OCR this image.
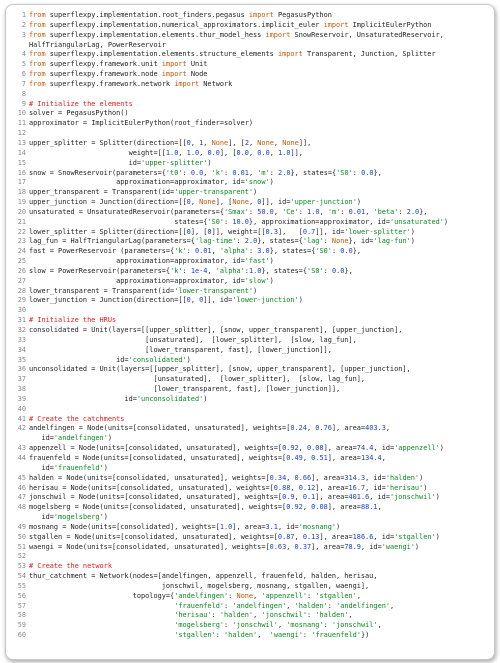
1 from superflexpy.implementation.root_finders.pegasus import PegasusPython
2 from superflexpy.implementation.numerical_approximators.implicit_euler import ImplicitEulerPython
3 from superflexpy.implementation.elements.thur_model_hess import SnowReservoir, UnsaturatedReservoir,
HalfTriangularLag, PowerReservoir
4 from superflexpy.implementation.elements.structure_elements import Transparent, Junction, Splitter
5 from superflexpy.framework.unit import Unit
6 from superflexpy.framework.node import Node
7 from superflexpy.framework.network import Network
8
9 # Initialize the elements
10 solver = PegasusPython()
11 approximator = ImplicitEulerPython(root_finder=solver)
12
13 upper_splitter = Splitter(direction=[[0, 1, None], [2, None, None]],
14 weight=[[1.0, 1.0, 0.0], [0.0, 0.0, 1.0]],
15 id='upper-splitter')
16 snow = SnowReservoir(parameters={'t0': 0.0, 'k': 0.01, 'm': 2.0}, states={'S0': 0.0},
17 approximation=approximator, id='snow')
18 upper_transparent = Transparent(id='upper-transparent')
19 upper_junction = Junction(direction=[[0, None], [None, 0]], id='upper-junction')
20 unsaturated = UnsaturatedReservoir(parameters={'Smax': 50.0, 'Ce': 1.0, 'm': 0.01, 'beta': 2.0},
21 states={'S0': 10.0}, approximation=approximator, id='unsaturated')
22 lower_splitter = Splitter(direction=[[0], [0]], weight=[[0.3],   [0.7]], id='lower-splitter')
23 lag_fun = HalfTriangularLag(parameters={'lag-time': 2.0}, states={'lag': None}, id='lag-fun')
24 fast = PowerReservoir (parameters={'k': 0.01, 'alpha': 3.0}, states={'S0': 0.0},
25 approximation=approximator, id='fast')
26 slow = PowerReservoir(parameters={'k': 1e-4, 'alpha':1.0}, states={'S0': 0.0},
27 approximation=approximator, id='slow')
28 lower_transparent = Transparent(id='lower-transparent')
29 lower_junction = Junction(direction=[[0, 0]], id='lower-junction')
30
31 # Initialize the HRUs
32 consolidated = Unit(layers=[[upper_splitter], [snow, upper_transparent], [upper_junction],
33 [unsaturated],  [lower_splitter],  [slow, lag_fun],
34 [lower_transparent, fast], [lower_junction]],
35 id='consolidated')
36 unconsolidated = Unit(layers=[[upper_splitter], [snow, upper_transparent], [upper_junction],
37 [unsaturated],  [lower_splitter],  [slow, lag_fun],
38 [lower_transparent, fast], [lower_junction]],
39 id='unconsolidated')
40
41 # Create the catchments
42 andelfingen = Node(units=[consolidated, unsaturated], weights=[0.24, 0.76], area=403.3,
id='andelfingen')
43 appenzell = Node(units=[consolidated, unsaturated], weights=[0.92, 0.08], area=74.4, id='appenzell')
44 frauenfeld = Node(units=[consolidated, unsaturated], weights=[0.49, 0.51], area=134.4,
id='frauenfeld')
45 halden = Node(units=[consolidated, unsaturated], weights=[0.34, 0.66], area=314.3, id='halden')
46 herisau = Node(units=[consolidated, unsaturated], weights=[0.88, 0.12], area=16.7, id='herisau')
47 jonschwil = Node(units=[consolidated, unsaturated], weights=[0.9, 0.1], area=401.6, id='jonschwil')
48 mogelsberg = Node(units=[consolidated, unsaturated], weights=[0.92, 0.08], area=88.1,
id='mogelsberg')
49 mosnang = Node(units=[consolidated], weights=[1.0], area=3.1, id='mosnang')
50 stgallen = Node(units=[consolidated, unsaturated], weights=[0.87, 0.13], area=186.6, id='stgallen')
51 waengi = Node(units=[consolidated, unsaturated], weights=[0.63, 0.37], area=78.9, id='waengi')
52
53 # Create the network
54 thur_catchment = Network(nodes=[andelfingen, appenzell, frauenfeld, halden, herisau,
55 jonschwil, mogelsberg, mosnang, stgallen, waengi],
56 topology={'andelfingen': None, 'appenzell': 'stgallen',
57	'frauenfeld': 'andelfingen', 'halden': 'andelfingen',
58	'herisau': 'halden', 'jonschwil': 'halden',
59	'mogelsberg': 'jonschwil', 'mosnang': 'jonschwil',
60	'stgallen': 'halden',  'waengi': 'frauenfeld'})
